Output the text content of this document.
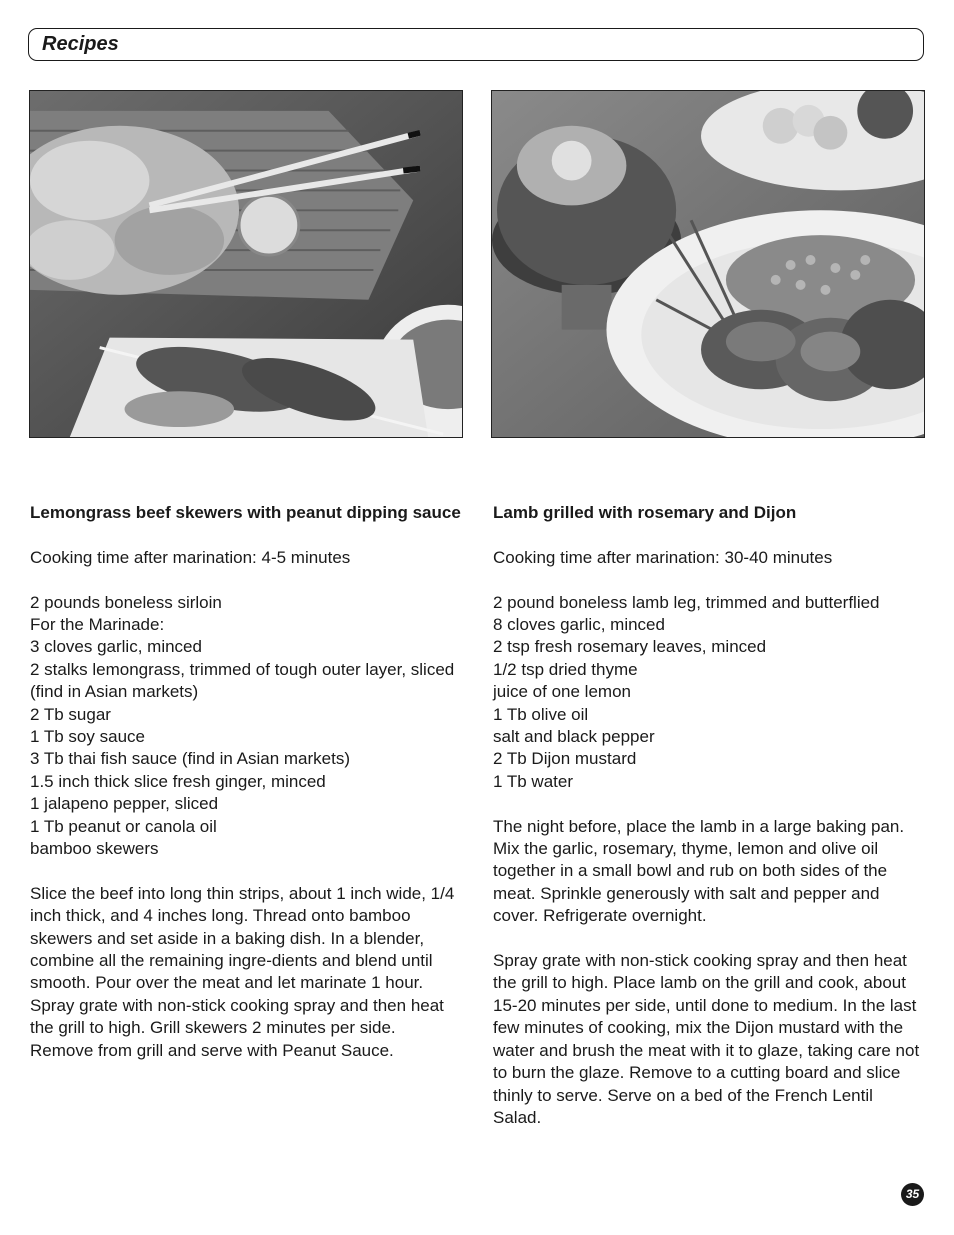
Recipes

Lemongrass beef skewers with peanut dipping sauce

Cooking time after marination: 4-5 minutes

2 pounds boneless sirloin
For the Marinade:
3 cloves garlic, minced
2 stalks lemongrass, trimmed of tough outer layer, sliced (find in Asian markets)
2 Tb sugar
1 Tb soy sauce
3 Tb thai fish sauce (find in Asian markets)
1.5 inch thick slice fresh ginger, minced
1 jalapeno pepper, sliced
1 Tb peanut or canola oil
bamboo skewers

Slice the beef into long thin strips, about 1 inch wide, 1/4 inch thick, and 4 inches long. Thread onto bamboo skewers and set aside in a baking dish. In a blender, combine all the remaining ingre-dients and blend until smooth. Pour over the meat and let marinate 1 hour. Spray grate with non-stick cooking spray and then heat the grill to high. Grill skewers 2 minutes per side. Remove from grill and serve with Peanut Sauce.

Lamb grilled with rosemary and Dijon

Cooking time after marination: 30-40 minutes

2 pound boneless lamb leg, trimmed and butterflied
8 cloves garlic, minced
2 tsp fresh rosemary leaves, minced
1/2 tsp dried thyme
juice of one lemon
1 Tb olive oil
salt and black pepper
2 Tb Dijon mustard
1 Tb water

The night before, place the lamb in a large baking pan. Mix the garlic, rosemary, thyme, lemon and olive oil together in a small bowl and rub on both sides of the meat. Sprinkle generously with salt and pepper and cover. Refrigerate overnight.

Spray grate with non-stick cooking spray and then heat the grill to high. Place lamb on the grill and cook, about 15-20 minutes per side, until done to medium. In the last few minutes of cooking, mix the Dijon mustard with the water and brush the meat with it to glaze, taking care not to burn the glaze. Remove to a cutting board and slice thinly to serve. Serve on a bed of the French Lentil Salad.

35
